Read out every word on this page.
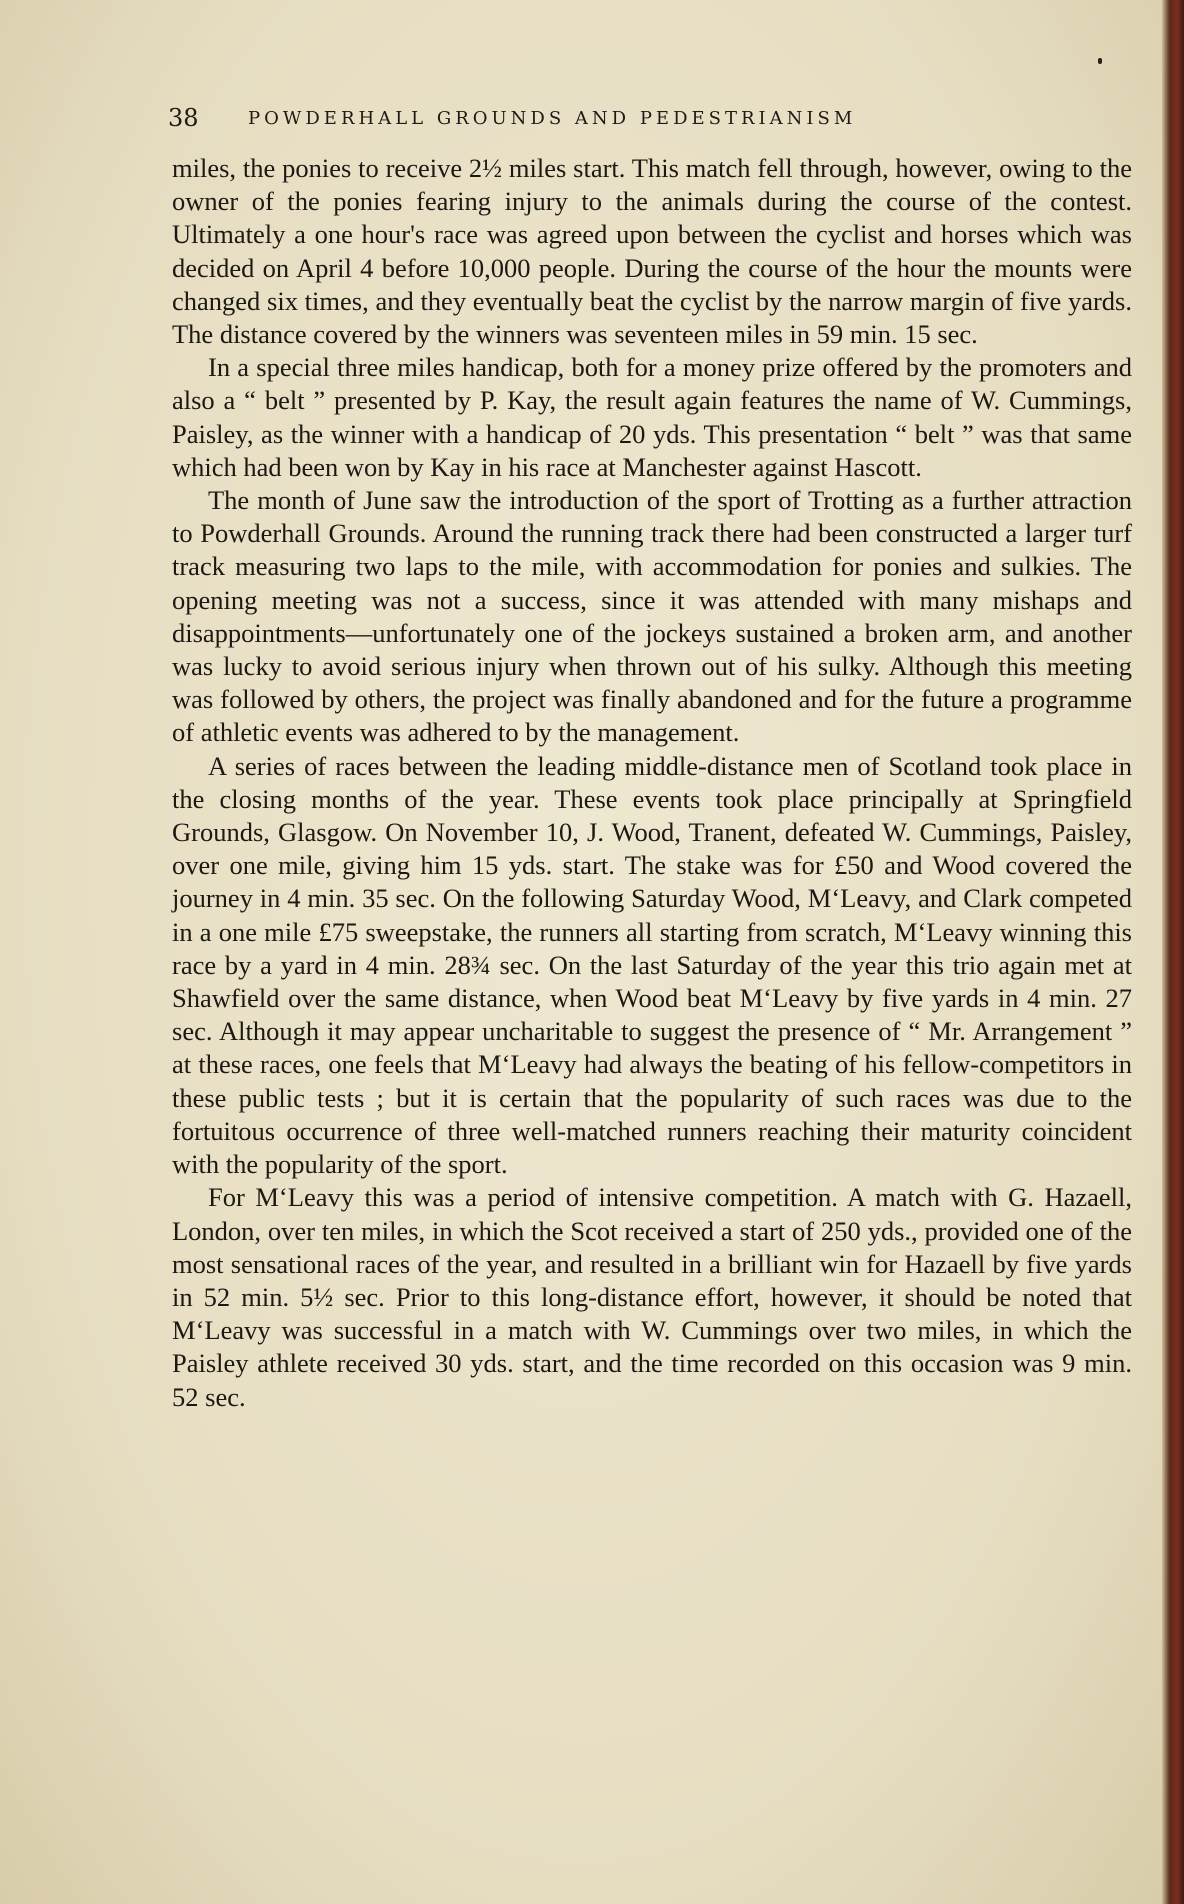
38	POWDERHALL GROUNDS AND PEDESTRIANISM

miles, the ponies to receive 2½ miles start. This match fell through, however, owing to the owner of the ponies fearing injury to the animals during the course of the contest. Ultimately a one hour's race was agreed upon between the cyclist and horses which was decided on April 4 before 10,000 people. During the course of the hour the mounts were changed six times, and they eventually beat the cyclist by the narrow margin of five yards. The distance covered by the winners was seventeen miles in 59 min. 15 sec.

In a special three miles handicap, both for a money prize offered by the promoters and also a “ belt ” presented by P. Kay, the result again features the name of W. Cummings, Paisley, as the winner with a handicap of 20 yds. This presentation “ belt ” was that same which had been won by Kay in his race at Manchester against Hascott.

The month of June saw the introduction of the sport of Trotting as a further attraction to Powderhall Grounds. Around the running track there had been constructed a larger turf track measuring two laps to the mile, with accommodation for ponies and sulkies. The opening meeting was not a success, since it was attended with many mishaps and disappointments—unfortunately one of the jockeys sustained a broken arm, and another was lucky to avoid serious injury when thrown out of his sulky. Although this meeting was followed by others, the project was finally abandoned and for the future a programme of athletic events was adhered to by the management.

A series of races between the leading middle-distance men of Scotland took place in the closing months of the year. These events took place principally at Springfield Grounds, Glasgow. On November 10, J. Wood, Tranent, defeated W. Cummings, Paisley, over one mile, giving him 15 yds. start. The stake was for £50 and Wood covered the journey in 4 min. 35 sec. On the following Saturday Wood, M‘Leavy, and Clark competed in a one mile £75 sweepstake, the runners all starting from scratch, M‘Leavy winning this race by a yard in 4 min. 28¾ sec. On the last Saturday of the year this trio again met at Shawfield over the same distance, when Wood beat M‘Leavy by five yards in 4 min. 27 sec. Although it may appear uncharitable to suggest the presence of “ Mr. Arrangement ” at these races, one feels that M‘Leavy had always the beating of his fellow-competitors in these public tests ; but it is certain that the popularity of such races was due to the fortuitous occurrence of three well-matched runners reaching their maturity coincident with the popularity of the sport.

For M‘Leavy this was a period of intensive competition. A match with G. Hazaell, London, over ten miles, in which the Scot received a start of 250 yds., provided one of the most sensational races of the year, and resulted in a brilliant win for Hazaell by five yards in 52 min. 5½ sec. Prior to this long-distance effort, however, it should be noted that M‘Leavy was successful in a match with W. Cummings over two miles, in which the Paisley athlete received 30 yds. start, and the time recorded on this occasion was 9 min. 52 sec.
